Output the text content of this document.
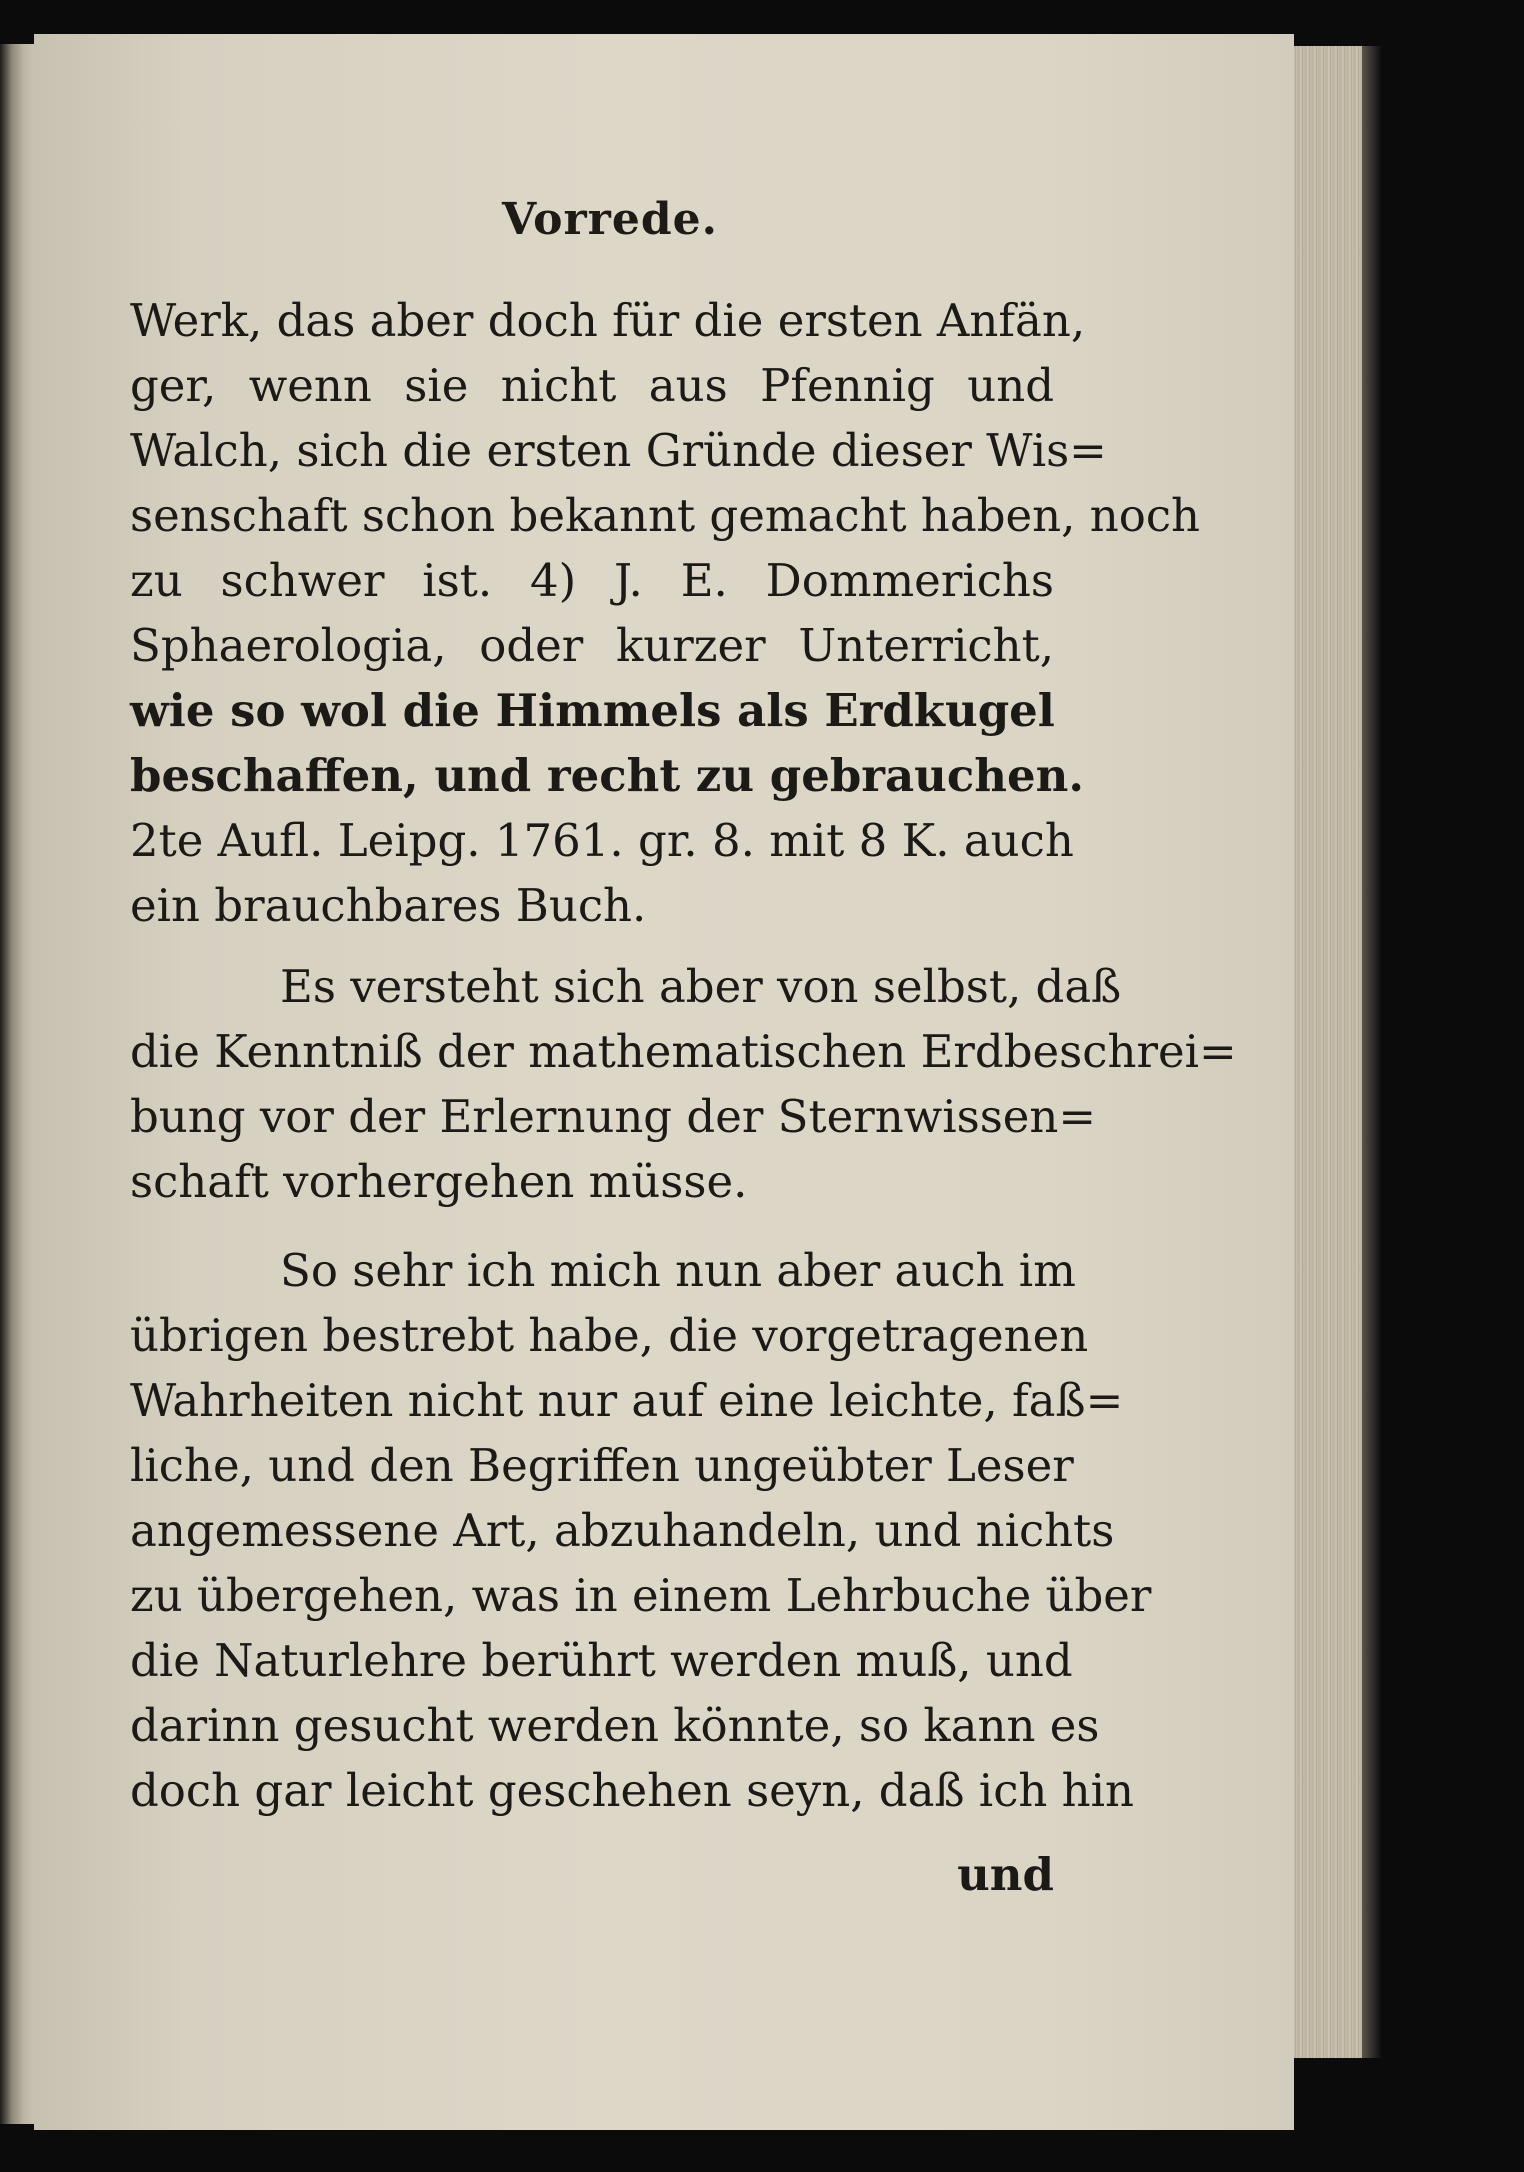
Vorrede.
Werk, das aber doch für die ersten Anfän,
ger, wenn sie nicht aus Pfennig und
Walch, sich die ersten Gründe dieser Wis=
senschaft schon bekannt gemacht haben, noch
zu schwer ist. 4) J. E. Dommerichs
Sphaerologia, oder kurzer Unterricht,
wie so wol die Himmels als Erdkugel
beschaffen, und recht zu gebrauchen.
2te Aufl. Leipg. 1761. gr. 8. mit 8 K. auch
ein brauchbares Buch.
Es versteht sich aber von selbst, daß
die Kenntniß der mathematischen Erdbeschrei=
bung vor der Erlernung der Sternwissen=
schaft vorhergehen müsse.
So sehr ich mich nun aber auch im
übrigen bestrebt habe, die vorgetragenen
Wahrheiten nicht nur auf eine leichte, faß=
liche, und den Begriffen ungeübter Leser
angemessene Art, abzuhandeln, und nichts
zu übergehen, was in einem Lehrbuche über
die Naturlehre berührt werden muß, und
darinn gesucht werden könnte, so kann es
doch gar leicht geschehen seyn, daß ich hin
und
